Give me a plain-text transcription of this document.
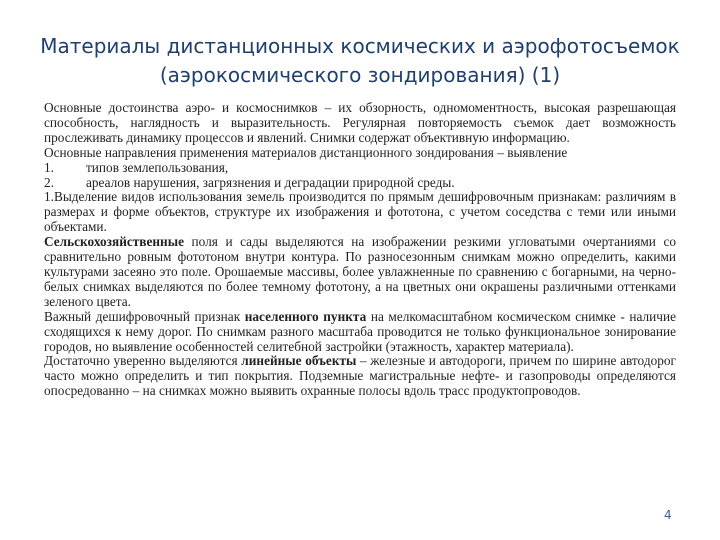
Материалы дистанционных космических и аэрофотосъемок
(аэрокосмического зондирования) (1)

Основные достоинства аэро- и космоснимков – их обзорность, одномоментность, высокая разрешающая способность, наглядность и выразительность. Регулярная повторяемость съемок дает возможность прослеживать динамику процессов и явлений. Снимки содержат объективную информацию.

Основные направления применения материалов дистанционного зондирования – выявление

1.	типов землепользования,
2.	ареалов нарушения, загрязнения и деградации природной среды.

1.Выделение видов использования земель производится по прямым дешифровочным признакам: различиям в размерах и форме объектов, структуре их изображения и фототона, с учетом соседства с теми или иными объектами.

Сельскохозяйственные поля и сады выделяются на изображении резкими угловатыми очертаниями со сравнительно ровным фототоном внутри контура. По разносезонным снимкам можно определить, какими культурами засеяно это поле. Орошаемые массивы, более увлажненные по сравнению с богарными, на черно-белых снимках выделяются по более темному фототону, а на цветных они окрашены различными оттенками зеленого цвета.

Важный дешифровочный признак населенного пункта на мелкомасштабном космическом снимке - наличие сходящихся к нему дорог. По снимкам разного масштаба проводится не только функциональное зонирование городов, но выявление особенностей селитебной застройки (этажность, характер материала).

Достаточно уверенно выделяются линейные объекты – железные и автодороги, причем по ширине автодорог часто можно определить и тип покрытия. Подземные магистральные нефте- и газопроводы определяются опосредованно – на снимках можно выявить охранные полосы вдоль трасс продуктопроводов.

4
